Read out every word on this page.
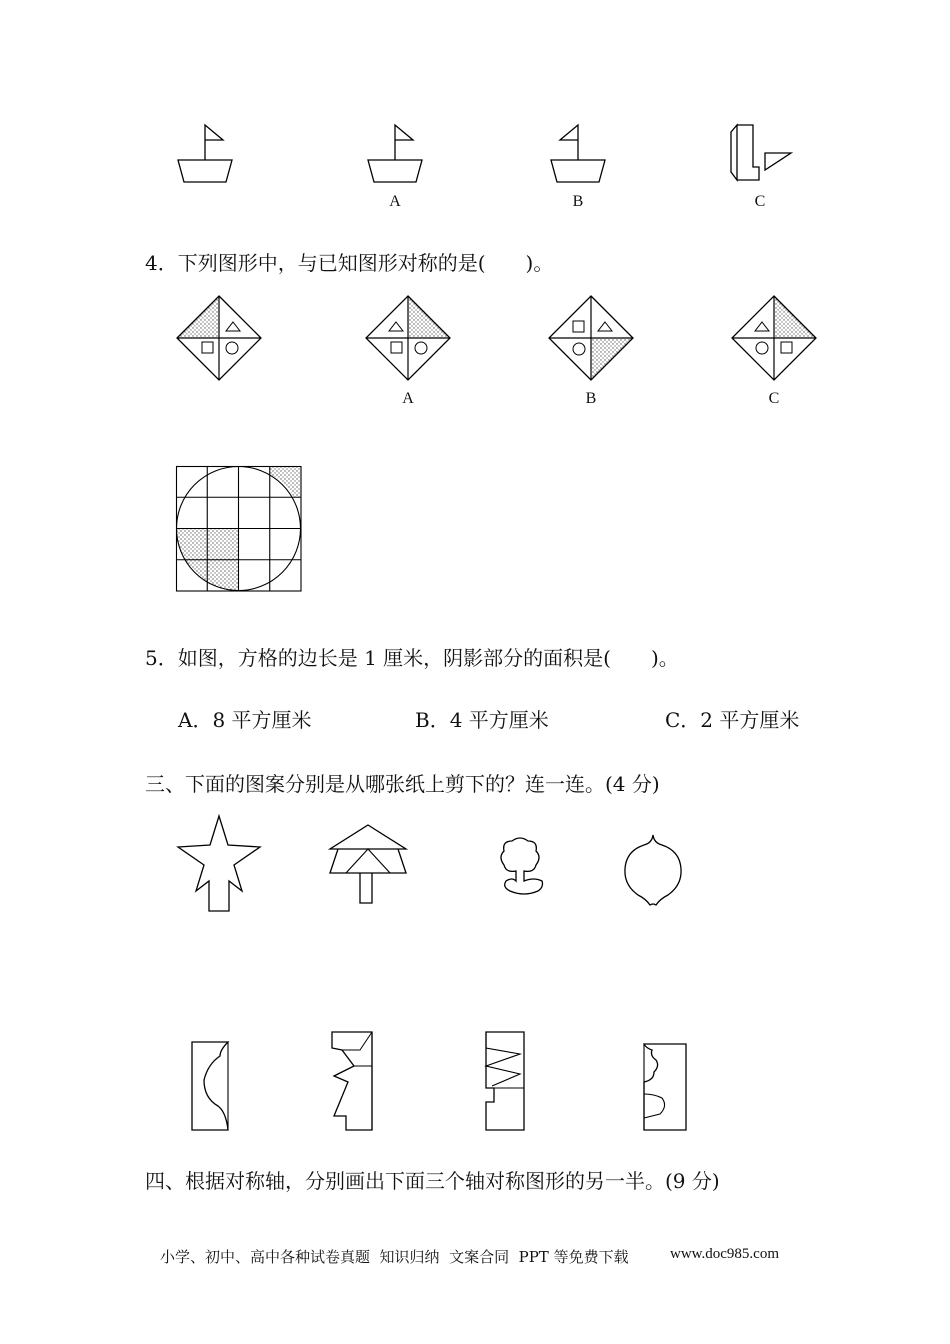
A	B	C
4．下列图形中，与已知图形对称的是(　　)。
A	B	C
5．如图，方格的边长是 1 厘米，阴影部分的面积是(　　)。
A．8 平方厘米	B．4 平方厘米	C．2 平方厘米
三、下面的图案分别是从哪张纸上剪下的？连一连。(4 分)
四、根据对称轴，分别画出下面三个轴对称图形的另一半。(9 分)
小学、初中、高中各种试卷真题  知识归纳  文案合同  PPT 等免费下载	www.doc985.com
